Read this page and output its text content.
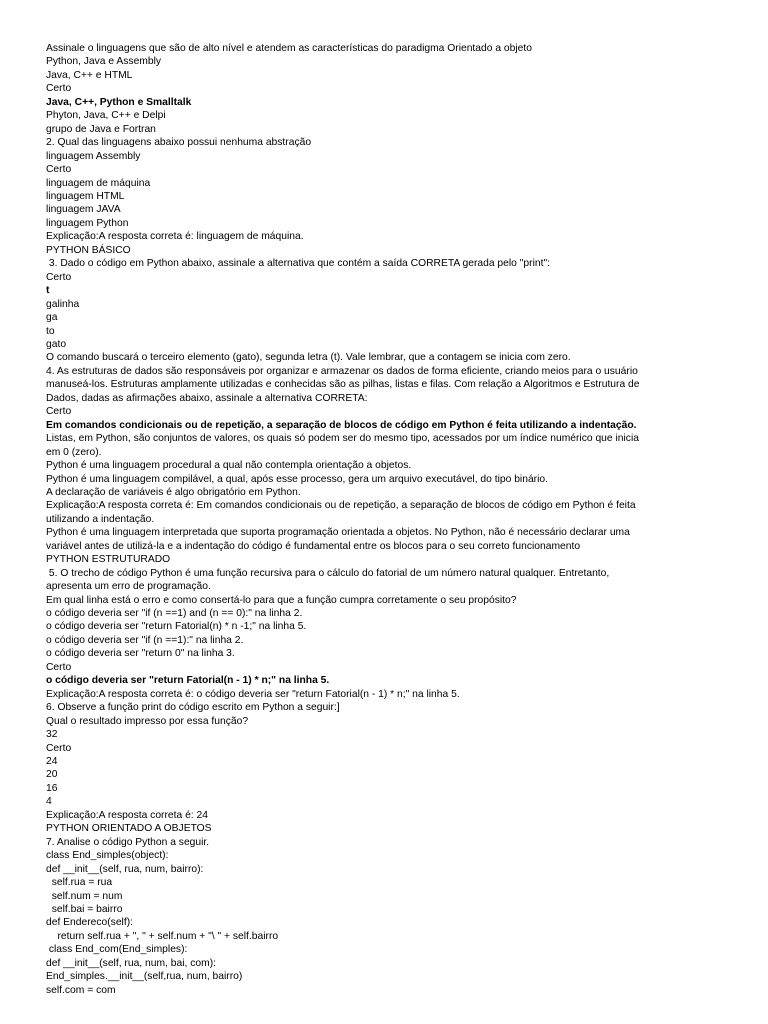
Assinale o linguagens que são de alto nível e atendem as características do paradigma Orientado a objeto
Python, Java e Assembly
Java, C++ e HTML
Certo
Java, C++, Python e Smalltalk
Phyton, Java, C++ e Delpi
grupo de Java e Fortran
2. Qual das linguagens abaixo possui nenhuma abstração
linguagem Assembly
Certo
linguagem de máquina
linguagem HTML
linguagem JAVA
linguagem Python
Explicação:A resposta correta é: linguagem de máquina.
PYTHON BÁSICO
3. Dado o código em Python abaixo, assinale a alternativa que contém a saída CORRETA gerada pelo "print":
Certo
t
galinha
ga
to
gato
O comando buscará o terceiro elemento (gato), segunda letra (t). Vale lembrar, que a contagem se inicia com zero.
4. As estruturas de dados são responsáveis por organizar e armazenar os dados de forma eficiente, criando meios para o usuário manuseá-los. Estruturas amplamente utilizadas e conhecidas são as pilhas, listas e filas. Com relação a Algoritmos e Estrutura de Dados, dadas as afirmações abaixo, assinale a alternativa CORRETA:
Certo
Em comandos condicionais ou de repetição, a separação de blocos de código em Python é feita utilizando a indentação.
Listas, em Python, são conjuntos de valores, os quais só podem ser do mesmo tipo, acessados por um índice numérico que inicia em 0 (zero).
Python é uma linguagem procedural a qual não contempla orientação a objetos.
Python é uma linguagem compilável, a qual, após esse processo, gera um arquivo executável, do tipo binário.
A declaração de variáveis é algo obrigatório em Python.
Explicação:A resposta correta é: Em comandos condicionais ou de repetição, a separação de blocos de código em Python é feita utilizando a indentação.
Python é uma linguagem interpretada que suporta programação orientada a objetos. No Python, não é necessário declarar uma variável antes de utilizá-la e a indentação do código é fundamental entre os blocos para o seu correto funcionamento
PYTHON ESTRUTURADO
5. O trecho de código Python é uma função recursiva para o cálculo do fatorial de um número natural qualquer. Entretanto, apresenta um erro de programação.
Em qual linha está o erro e como consertá-lo para que a função cumpra corretamente o seu propósito?
o código deveria ser "if (n ==1) and (n == 0):" na linha 2.
o código deveria ser "return Fatorial(n) * n -1;" na linha 5.
o código deveria ser "if (n ==1):" na linha 2.
o código deveria ser "return 0" na linha 3.
Certo
o código deveria ser "return Fatorial(n - 1) * n;" na linha 5.
Explicação:A resposta correta é: o código deveria ser "return Fatorial(n - 1) * n;" na linha 5.
6. Observe a função print do código escrito em Python a seguir:]
Qual o resultado impresso por essa função?
32
Certo
24
20
16
4
Explicação:A resposta correta é: 24
PYTHON ORIENTADO A OBJETOS
7. Analise o código Python a seguir.
class End_simples(object):
def __init__(self, rua, num, bairro):
self.rua = rua
self.num = num
self.bai = bairro
def Endereco(self):
return self.rua + ", " + self.num + "\ " + self.bairro
class End_com(End_simples):
def __init__(self, rua, num, bai, com):
End_simples.__init__(self,rua, num, bairro)
self.com = com
